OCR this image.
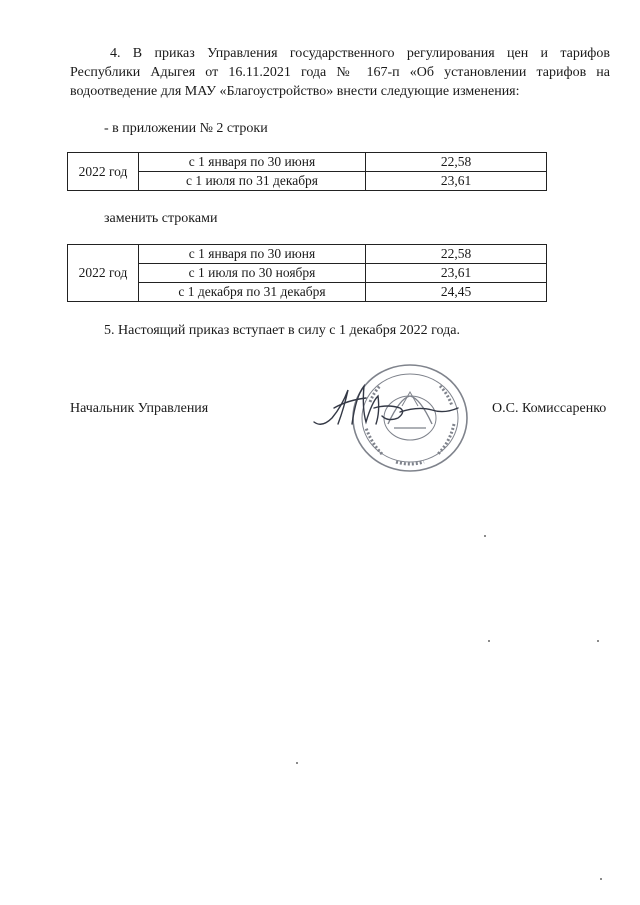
4. В приказ Управления государственного регулирования цен и тарифов Республики Адыгея от 16.11.2021 года № 167-п «Об установлении тарифов на водоотведение для МАУ «Благоустройство» внести следующие изменения:

- в приложении № 2 строки
2022 год	с 1 января по 30 июня	22,58
	с 1 июля по 31 декабря	23,61
заменить строками
2022 год	с 1 января по 30 июня	22,58
	с 1 июля по 30 ноября	23,61
	с 1 декабря по 31 декабря	24,45
5. Настоящий приказ вступает в силу с 1 декабря 2022 года.
Начальник Управления	О.С. Комиссаренко
